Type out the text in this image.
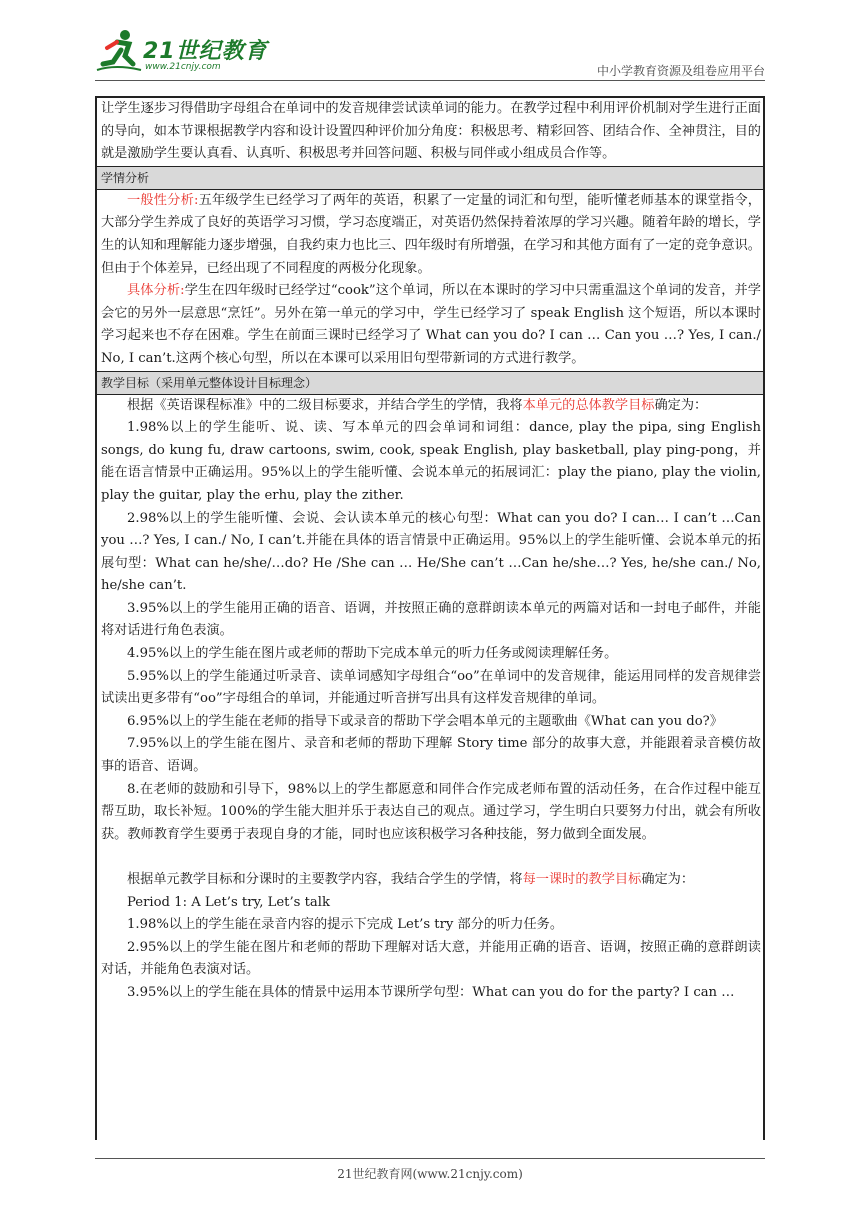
21世纪教育
www.21cnjy.com	中小学教育资源及组卷应用平台

让学生逐步习得借助字母组合在单词中的发音规律尝试读单词的能力。在教学过程中利用评价机制对学生进行正面的导向，如本节课根据教学内容和设计设置四种评价加分角度：积极思考、精彩回答、团结合作、全神贯注，目的就是激励学生要认真看、认真听、积极思考并回答问题、积极与同伴或小组成员合作等。

学情分析

一般性分析:五年级学生已经学习了两年的英语，积累了一定量的词汇和句型，能听懂老师基本的课堂指令，大部分学生养成了良好的英语学习习惯，学习态度端正，对英语仍然保持着浓厚的学习兴趣。随着年龄的增长，学生的认知和理解能力逐步增强，自我约束力也比三、四年级时有所增强，在学习和其他方面有了一定的竞争意识。但由于个体差异，已经出现了不同程度的两极分化现象。

具体分析:学生在四年级时已经学过“cook”这个单词，所以在本课时的学习中只需重温这个单词的发音，并学会它的另外一层意思“烹饪”。另外在第一单元的学习中，学生已经学习了 speak English 这个短语，所以本课时学习起来也不存在困难。学生在前面三课时已经学习了 What can you do? I can … Can you …? Yes, I can./ No, I can’t.这两个核心句型，所以在本课可以采用旧句型带新词的方式进行教学。

教学目标（采用单元整体设计目标理念）

根据《英语课程标准》中的二级目标要求，并结合学生的学情，我将本单元的总体教学目标确定为：

1.98%以上的学生能听、说、读、写本单元的四会单词和词组：dance, play the pipa, sing English songs, do kung fu, draw cartoons, swim, cook, speak English, play basketball, play ping-pong，并能在语言情景中正确运用。95%以上的学生能听懂、会说本单元的拓展词汇：play the piano, play the violin, play the guitar, play the erhu, play the zither.

2.98%以上的学生能听懂、会说、会认读本单元的核心句型：What can you do? I can… I can’t …Can you …? Yes, I can./ No, I can’t.并能在具体的语言情景中正确运用。95%以上的学生能听懂、会说本单元的拓展句型：What can he/she/…do? He /She can … He/She can’t …Can he/she…? Yes, he/she can./ No, he/she can’t.

3.95%以上的学生能用正确的语音、语调，并按照正确的意群朗读本单元的两篇对话和一封电子邮件，并能将对话进行角色表演。

4.95%以上的学生能在图片或老师的帮助下完成本单元的听力任务或阅读理解任务。

5.95%以上的学生能通过听录音、读单词感知字母组合“oo”在单词中的发音规律，能运用同样的发音规律尝试读出更多带有“oo”字母组合的单词，并能通过听音拼写出具有这样发音规律的单词。

6.95%以上的学生能在老师的指导下或录音的帮助下学会唱本单元的主题歌曲《What can you do?》

7.95%以上的学生能在图片、录音和老师的帮助下理解 Story time 部分的故事大意，并能跟着录音模仿故事的语音、语调。

8.在老师的鼓励和引导下，98%以上的学生都愿意和同伴合作完成老师布置的活动任务，在合作过程中能互帮互助，取长补短。100%的学生能大胆并乐于表达自己的观点。通过学习，学生明白只要努力付出，就会有所收获。教师教育学生要勇于表现自身的才能，同时也应该积极学习各种技能，努力做到全面发展。

根据单元教学目标和分课时的主要教学内容，我结合学生的学情，将每一课时的教学目标确定为：

Period 1: A Let’s try, Let’s talk

1.98%以上的学生能在录音内容的提示下完成 Let’s try 部分的听力任务。

2.95%以上的学生能在图片和老师的帮助下理解对话大意，并能用正确的语音、语调，按照正确的意群朗读对话，并能角色表演对话。

3.95%以上的学生能在具体的情景中运用本节课所学句型：What can you do for the party? I can …

21世纪教育网(www.21cnjy.com)
